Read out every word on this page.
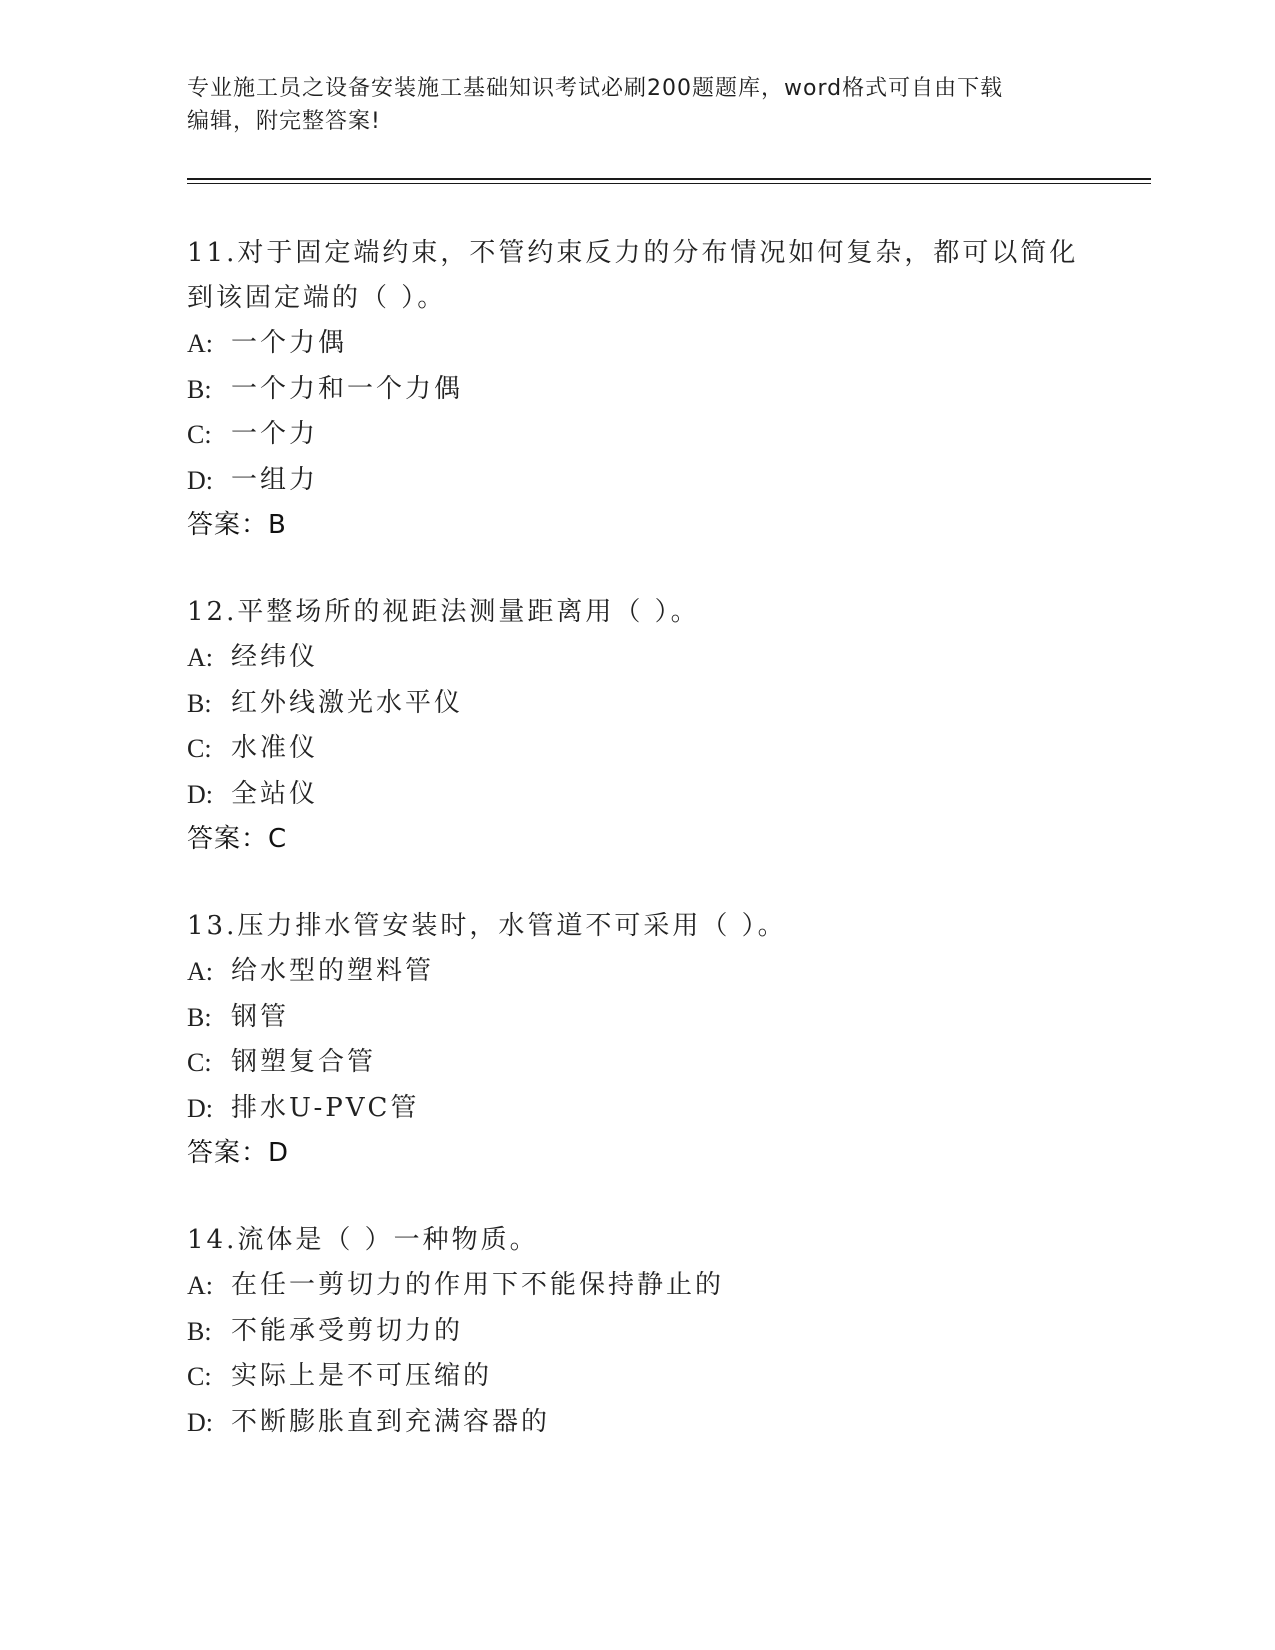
专业施工员之设备安装施工基础知识考试必刷200题题库，word格式可自由下载
编辑，附完整答案!

11.对于固定端约束，不管约束反力的分布情况如何复杂，都可以简化
到该固定端的（ ）。

A: 一个力偶
B: 一个力和一个力偶
C: 一个力
D: 一组力

答案：B

12.平整场所的视距法测量距离用（ ）。

A: 经纬仪
B: 红外线激光水平仪
C: 水准仪
D: 全站仪

答案：C

13.压力排水管安装时，水管道不可采用（ ）。

A: 给水型的塑料管
B: 钢管
C: 钢塑复合管
D: 排水U-PVC管

答案：D

14.流体是（ ）一种物质。

A: 在任一剪切力的作用下不能保持静止的
B: 不能承受剪切力的
C: 实际上是不可压缩的
D: 不断膨胀直到充满容器的
